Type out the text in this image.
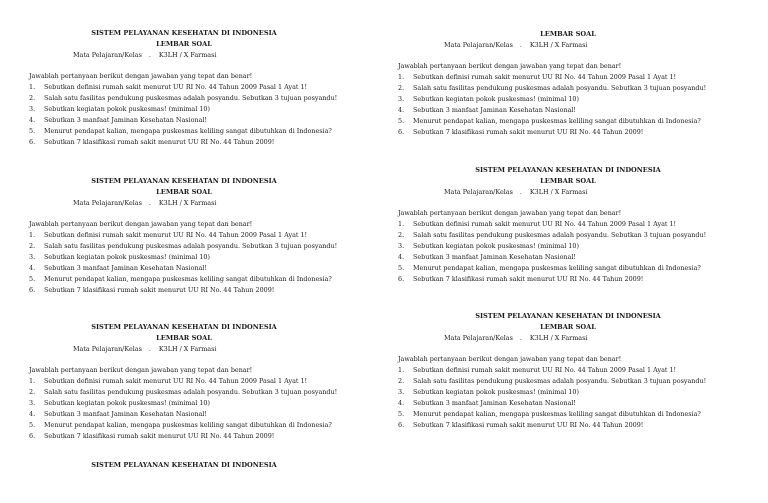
SISTEM PELAYANAN KESEHATAN DI INDONESIA
LEMBAR SOAL
Mata Pelajaran/Kelas . K3LH / X Farmasi
Jawablah pertanyaan berikut dengan jawaban yang tepat dan benar!
1.	Sebutkan definisi rumah sakit menurut UU RI No. 44 Tahun 2009 Pasal 1 Ayat 1!
2.	Salah satu fasilitas pendukung puskesmas adalah posyandu. Sebutkan 3 tujuan posyandu!
3.	Sebutkan kegiatan pokok puskesmas! (minimal 10)
4.	Sebutkan 3 manfaat Jaminan Kesehatan Nasional!
5.	Menurut pendapat kalian, mengapa puskesmas keliling sangat dibutuhkan di Indonesia?
6.	Sebutkan 7 klasifikasi rumah sakit menurut UU RI No. 44 Tahun 2009!
SISTEM PELAYANAN KESEHATAN DI INDONESIA
LEMBAR SOAL
Mata Pelajaran/Kelas . K3LH / X Farmasi
Jawablah pertanyaan berikut dengan jawaban yang tepat dan benar!
1.	Sebutkan definisi rumah sakit menurut UU RI No. 44 Tahun 2009 Pasal 1 Ayat 1!
2.	Salah satu fasilitas pendukung puskesmas adalah posyandu. Sebutkan 3 tujuan posyandu!
3.	Sebutkan kegiatan pokok puskesmas! (minimal 10)
4.	Sebutkan 3 manfaat Jaminan Kesehatan Nasional!
5.	Menurut pendapat kalian, mengapa puskesmas keliling sangat dibutuhkan di Indonesia?
6.	Sebutkan 7 klasifikasi rumah sakit menurut UU RI No. 44 Tahun 2009!
SISTEM PELAYANAN KESEHATAN DI INDONESIA
LEMBAR SOAL
Mata Pelajaran/Kelas . K3LH / X Farmasi
Jawablah pertanyaan berikut dengan jawaban yang tepat dan benar!
1.	Sebutkan definisi rumah sakit menurut UU RI No. 44 Tahun 2009 Pasal 1 Ayat 1!
2.	Salah satu fasilitas pendukung puskesmas adalah posyandu. Sebutkan 3 tujuan posyandu!
3.	Sebutkan kegiatan pokok puskesmas! (minimal 10)
4.	Sebutkan 3 manfaat Jaminan Kesehatan Nasional!
5.	Menurut pendapat kalian, mengapa puskesmas keliling sangat dibutuhkan di Indonesia?
6.	Sebutkan 7 klasifikasi rumah sakit menurut UU RI No. 44 Tahun 2009!
SISTEM PELAYANAN KESEHATAN DI INDONESIA
LEMBAR SOAL
Mata Pelajaran/Kelas . K3LH / X Farmasi
Jawablah pertanyaan berikut dengan jawaban yang tepat dan benar!
1.	Sebutkan definisi rumah sakit menurut UU RI No. 44 Tahun 2009 Pasal 1 Ayat 1!
2.	Salah satu fasilitas pendukung puskesmas adalah posyandu. Sebutkan 3 tujuan posyandu!
3.	Sebutkan kegiatan pokok puskesmas! (minimal 10)
4.	Sebutkan 3 manfaat Jaminan Kesehatan Nasional!
5.	Menurut pendapat kalian, mengapa puskesmas keliling sangat dibutuhkan di Indonesia?
6.	Sebutkan 7 klasifikasi rumah sakit menurut UU RI No. 44 Tahun 2009!
SISTEM PELAYANAN KESEHATAN DI INDONESIA
LEMBAR SOAL
Mata Pelajaran/Kelas . K3LH / X Farmasi
Jawablah pertanyaan berikut dengan jawaban yang tepat dan benar!
1.	Sebutkan definisi rumah sakit menurut UU RI No. 44 Tahun 2009 Pasal 1 Ayat 1!
2.	Salah satu fasilitas pendukung puskesmas adalah posyandu. Sebutkan 3 tujuan posyandu!
3.	Sebutkan kegiatan pokok puskesmas! (minimal 10)
4.	Sebutkan 3 manfaat Jaminan Kesehatan Nasional!
5.	Menurut pendapat kalian, mengapa puskesmas keliling sangat dibutuhkan di Indonesia?
6.	Sebutkan 7 klasifikasi rumah sakit menurut UU RI No. 44 Tahun 2009!
SISTEM PELAYANAN KESEHATAN DI INDONESIA
LEMBAR SOAL
Mata Pelajaran/Kelas . K3LH / X Farmasi
Jawablah pertanyaan berikut dengan jawaban yang tepat dan benar!
1.	Sebutkan definisi rumah sakit menurut UU RI No. 44 Tahun 2009 Pasal 1 Ayat 1!
2.	Salah satu fasilitas pendukung puskesmas adalah posyandu. Sebutkan 3 tujuan posyandu!
3.	Sebutkan kegiatan pokok puskesmas! (minimal 10)
4.	Sebutkan 3 manfaat Jaminan Kesehatan Nasional!
5.	Menurut pendapat kalian, mengapa puskesmas keliling sangat dibutuhkan di Indonesia?
6.	Sebutkan 7 klasifikasi rumah sakit menurut UU RI No. 44 Tahun 2009!
